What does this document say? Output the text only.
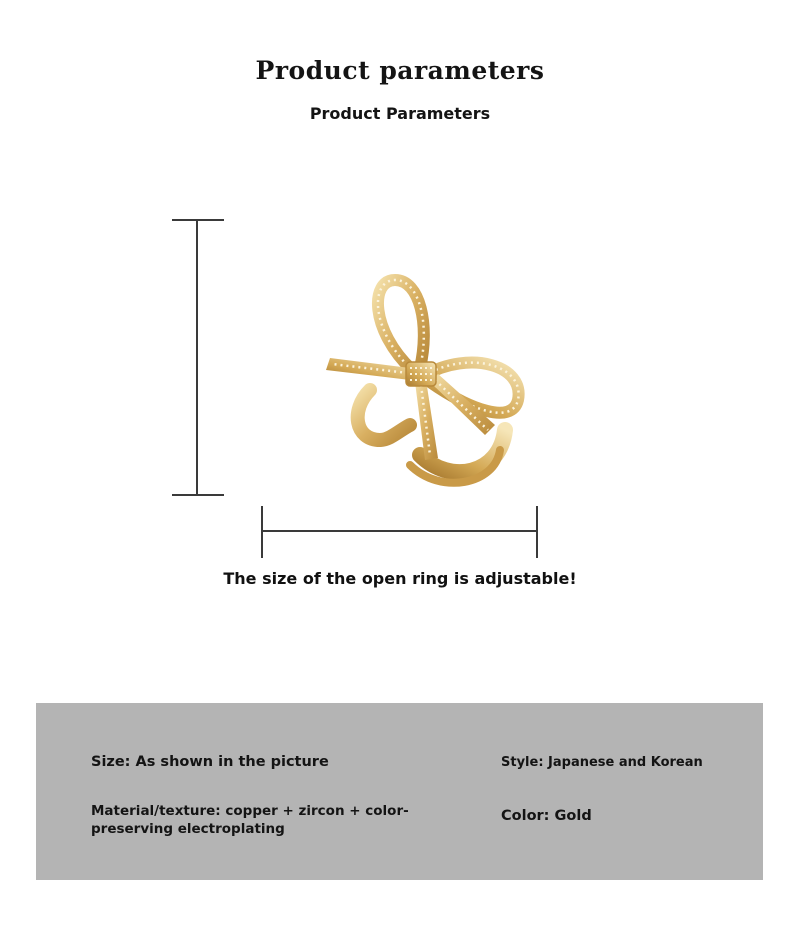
Product parameters
Product Parameters
The size of the open ring is adjustable!
Size: As shown in the picture
Material/texture: copper + zircon + color-preserving electroplating
Style: Japanese and Korean
Color: Gold
